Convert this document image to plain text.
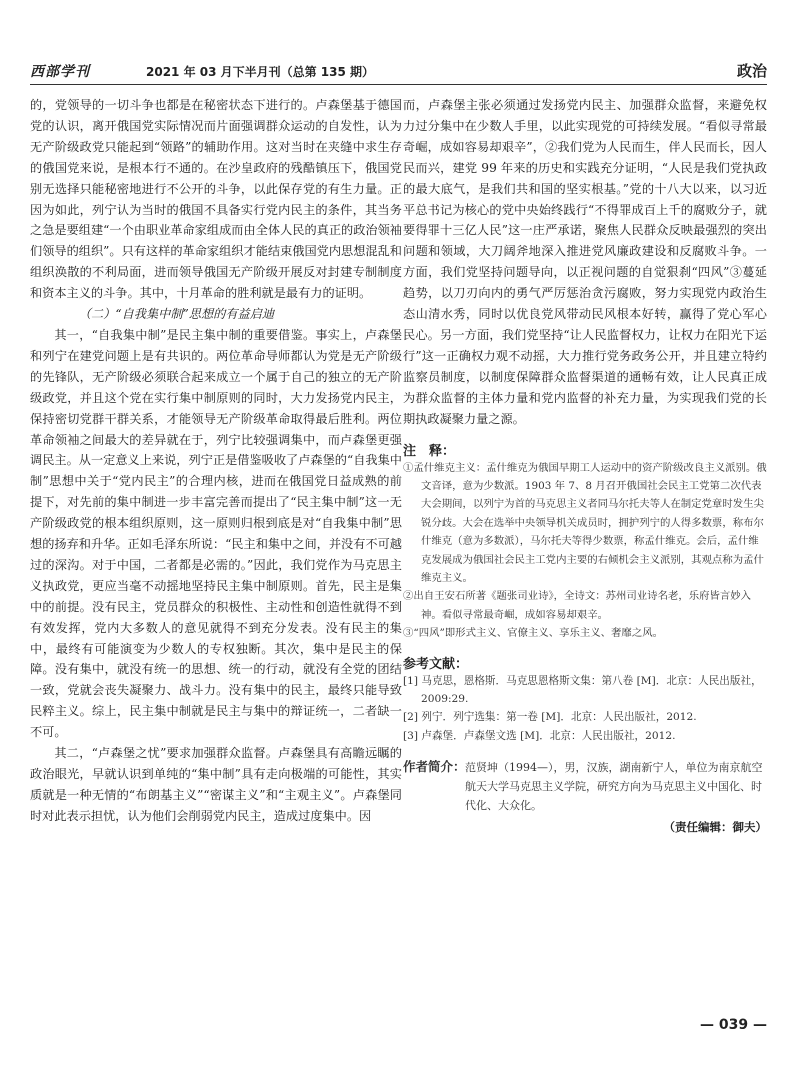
西部学刊	2021 年 03 月下半月刊（总第 135 期）	政治

的，党领导的一切斗争也都是在秘密状态下进行的。卢森堡基于德国党的认识，离开俄国党实际情况而片面强调群众运动的自发性，认为无产阶级政党只能起到“领路”的辅助作用。这对当时在夹缝中求生存的俄国党来说，是根本行不通的。在沙皇政府的残酷镇压下，俄国党别无选择只能秘密地进行不公开的斗争，以此保存党的有生力量。正因为如此，列宁认为当时的俄国不具备实行党内民主的条件，其当务之急是要组建“一个由职业革命家组成而由全体人民的真正的政治领袖们领导的组织”。只有这样的革命家组织才能结束俄国党内思想混乱和组织涣散的不利局面，进而领导俄国无产阶级开展反对封建专制制度和资本主义的斗争。其中，十月革命的胜利就是最有力的证明。

（二）“自我集中制”思想的有益启迪

其一，“自我集中制”是民主集中制的重要借鉴。事实上，卢森堡和列宁在建党问题上是有共识的。两位革命导师都认为党是无产阶级的先锋队，无产阶级必须联合起来成立一个属于自己的独立的无产阶级政党，并且这个党在实行集中制原则的同时，大力发扬党内民主，保持密切党群干群关系，才能领导无产阶级革命取得最后胜利。两位革命领袖之间最大的差异就在于，列宁比较强调集中，而卢森堡更强调民主。从一定意义上来说，列宁正是借鉴吸收了卢森堡的“自我集中制”思想中关于“党内民主”的合理内核，进而在俄国党日益成熟的前提下，对先前的集中制进一步丰富完善而提出了“民主集中制”这一无产阶级政党的根本组织原则，这一原则归根到底是对“自我集中制”思想的扬弃和升华。正如毛泽东所说：“民主和集中之间，并没有不可越过的深沟。对于中国，二者都是必需的。”因此，我们党作为马克思主义执政党，更应当毫不动摇地坚持民主集中制原则。首先，民主是集中的前提。没有民主，党员群众的积极性、主动性和创造性就得不到有效发挥，党内大多数人的意见就得不到充分发表。没有民主的集中，最终有可能演变为少数人的专权独断。其次，集中是民主的保障。没有集中，就没有统一的思想、统一的行动，就没有全党的团结一致，党就会丧失凝聚力、战斗力。没有集中的民主，最终只能导致民粹主义。综上，民主集中制就是民主与集中的辩证统一，二者缺一不可。

其二，“卢森堡之忧”要求加强群众监督。卢森堡具有高瞻远瞩的政治眼光，早就认识到单纯的“集中制”具有走向极端的可能性，其实质就是一种无情的“布朗基主义”“密谋主义”和“主观主义”。卢森堡同时对此表示担忧，认为他们会削弱党内民主，造成过度集中。因

而，卢森堡主张必须通过发扬党内民主、加强群众监督，来避免权力过分集中在少数人手里，以此实现党的可持续发展。“看似寻常最奇崛，成如容易却艰辛”，②我们党为人民而生，伴人民而长，因人民而兴，建党 99 年来的历史和实践充分证明，“人民是我们党执政的最大底气，是我们共和国的坚实根基。”党的十八大以来，以习近平总书记为核心的党中央始终践行“不得罪成百上千的腐败分子，就要得罪十三亿人民”这一庄严承诺，聚焦人民群众反映最强烈的突出问题和领域，大刀阔斧地深入推进党风廉政建设和反腐败斗争。一方面，我们党坚持问题导向，以正视问题的自觉狠刹“四风”③蔓延趋势，以刀刃向内的勇气严厉惩治贪污腐败，努力实现党内政治生态山清水秀，同时以优良党风带动民风根本好转，赢得了党心军心民心。另一方面，我们党坚持“让人民监督权力，让权力在阳光下运行”这一正确权力观不动摇，大力推行党务政务公开，并且建立特约监察员制度，以制度保障群众监督渠道的通畅有效，让人民真正成为群众监督的主体力量和党内监督的补充力量，为实现我们党的长期执政凝聚力量之源。

注　释：
①孟什维克主义：孟什维克为俄国早期工人运动中的资产阶级改良主义派别。俄文音译，意为少数派。1903 年 7、8 月召开俄国社会民主工党第二次代表大会期间，以列宁为首的马克思主义者同马尔托夫等人在制定党章时发生尖锐分歧。大会在选举中央领导机关成员时，拥护列宁的人得多数票，称布尔什维克（意为多数派），马尔托夫等得少数票，称孟什维克。会后，孟什维克发展成为俄国社会民主工党内主要的右倾机会主义派别，其观点称为孟什维克主义。
②出自王安石所著《题张司业诗》，全诗文：苏州司业诗名老，乐府皆言妙入神。看似寻常最奇崛，成如容易却艰辛。
③“四风”即形式主义、官僚主义、享乐主义、奢靡之风。
参考文献：
[1] 马克思，恩格斯．马克思恩格斯文集：第八卷 [M]．北京：人民出版社，2009:29.
[2] 列宁．列宁选集：第一卷 [M]．北京：人民出版社，2012.
[3] 卢森堡．卢森堡文选 [M]．北京：人民出版社，2012.
作者简介： 范贤坤（1994—），男，汉族，湖南新宁人，单位为南京航空航天大学马克思主义学院，研究方向为马克思主义中国化、时代化、大众化。
（责任编辑：御夫）
— 039 —
